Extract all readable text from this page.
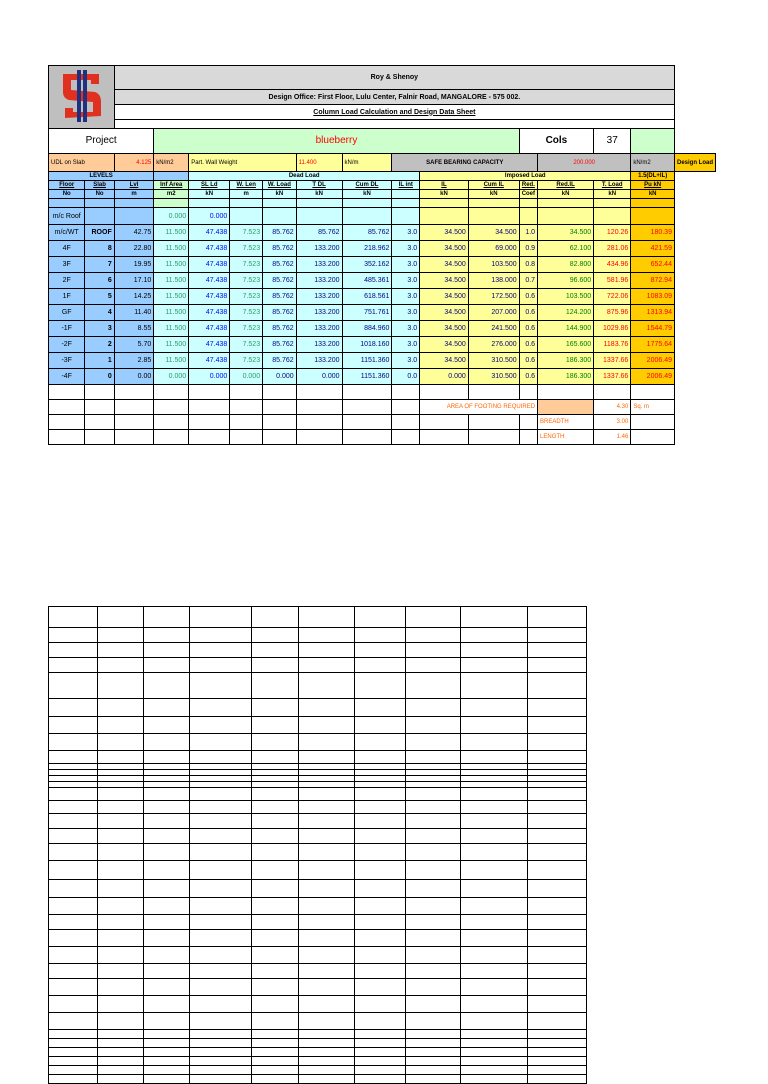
	Roy & Shenoy														
		Design Office: First Floor, Lulu Center, Falnir Road, MANGALORE - 575 002.														
		Column Load Calculation and Design Data Sheet														

Project			blueberry									Cols		37		
UDL on Slab		4.125	kN/m2	Part. Wall Weight			11.400	kN/m	SAFE BEARING CAPACITY				200.000		kN/m2	Design Load
LEVELS				Dead Load						Imposed Load					1.5(DL+IL)	
Floor	Slab	Lvl	Inf Area	SL Ld	W. Len	W. Load	T DL	Cum DL	IL int	IL	Cum IL	Red.	Red.IL	T. Load	Pu kN	
No	No	m	m2	kN	m	kN	kN	kN		kN	kN	Coef	kN	kN	kN	

m/c Roof			0.000	0.000												
m/c/WT	ROOF	42.75	11.500	47.438	7.523	85.762	85.762	85.762	3.0	34.500	34.500	1.0	34.500	120.26	180.39	
4F	8	22.80	11.500	47.438	7.523	85.762	133.200	218.962	3.0	34.500	69.000	0.9	62.100	281.06	421.59	
3F	7	19.95	11.500	47.438	7.523	85.762	133.200	352.162	3.0	34.500	103.500	0.8	82.800	434.96	652.44	
2F	6	17.10	11.500	47.438	7.523	85.762	133.200	485.361	3.0	34.500	138.000	0.7	96.600	581.96	872.94	
1F	5	14.25	11.500	47.438	7.523	85.762	133.200	618.561	3.0	34.500	172.500	0.6	103.500	722.06	1083.09	
GF	4	11.40	11.500	47.438	7.523	85.762	133.200	751.761	3.0	34.500	207.000	0.6	124.200	875.96	1313.94	
-1F	3	8.55	11.500	47.438	7.523	85.762	133.200	884.960	3.0	34.500	241.500	0.6	144.900	1029.86	1544.79	
-2F	2	5.70	11.500	47.438	7.523	85.762	133.200	1018.160	3.0	34.500	276.000	0.6	165.600	1183.76	1775.64	
-3F	1	2.85	11.500	47.438	7.523	85.762	133.200	1151.360	3.0	34.500	310.500	0.6	186.300	1337.66	2006.49	
-4F	0	0.00	0.000	0.000	0.000	0.000	0.000	1151.360	0.0	0.000	310.500	0.6	186.300	1337.66	2006.49	

										AREA OF FOOTING REQUIRED				4.30	Sq. m	
													BREADTH	3.00		
													LENGTH	1.46		
